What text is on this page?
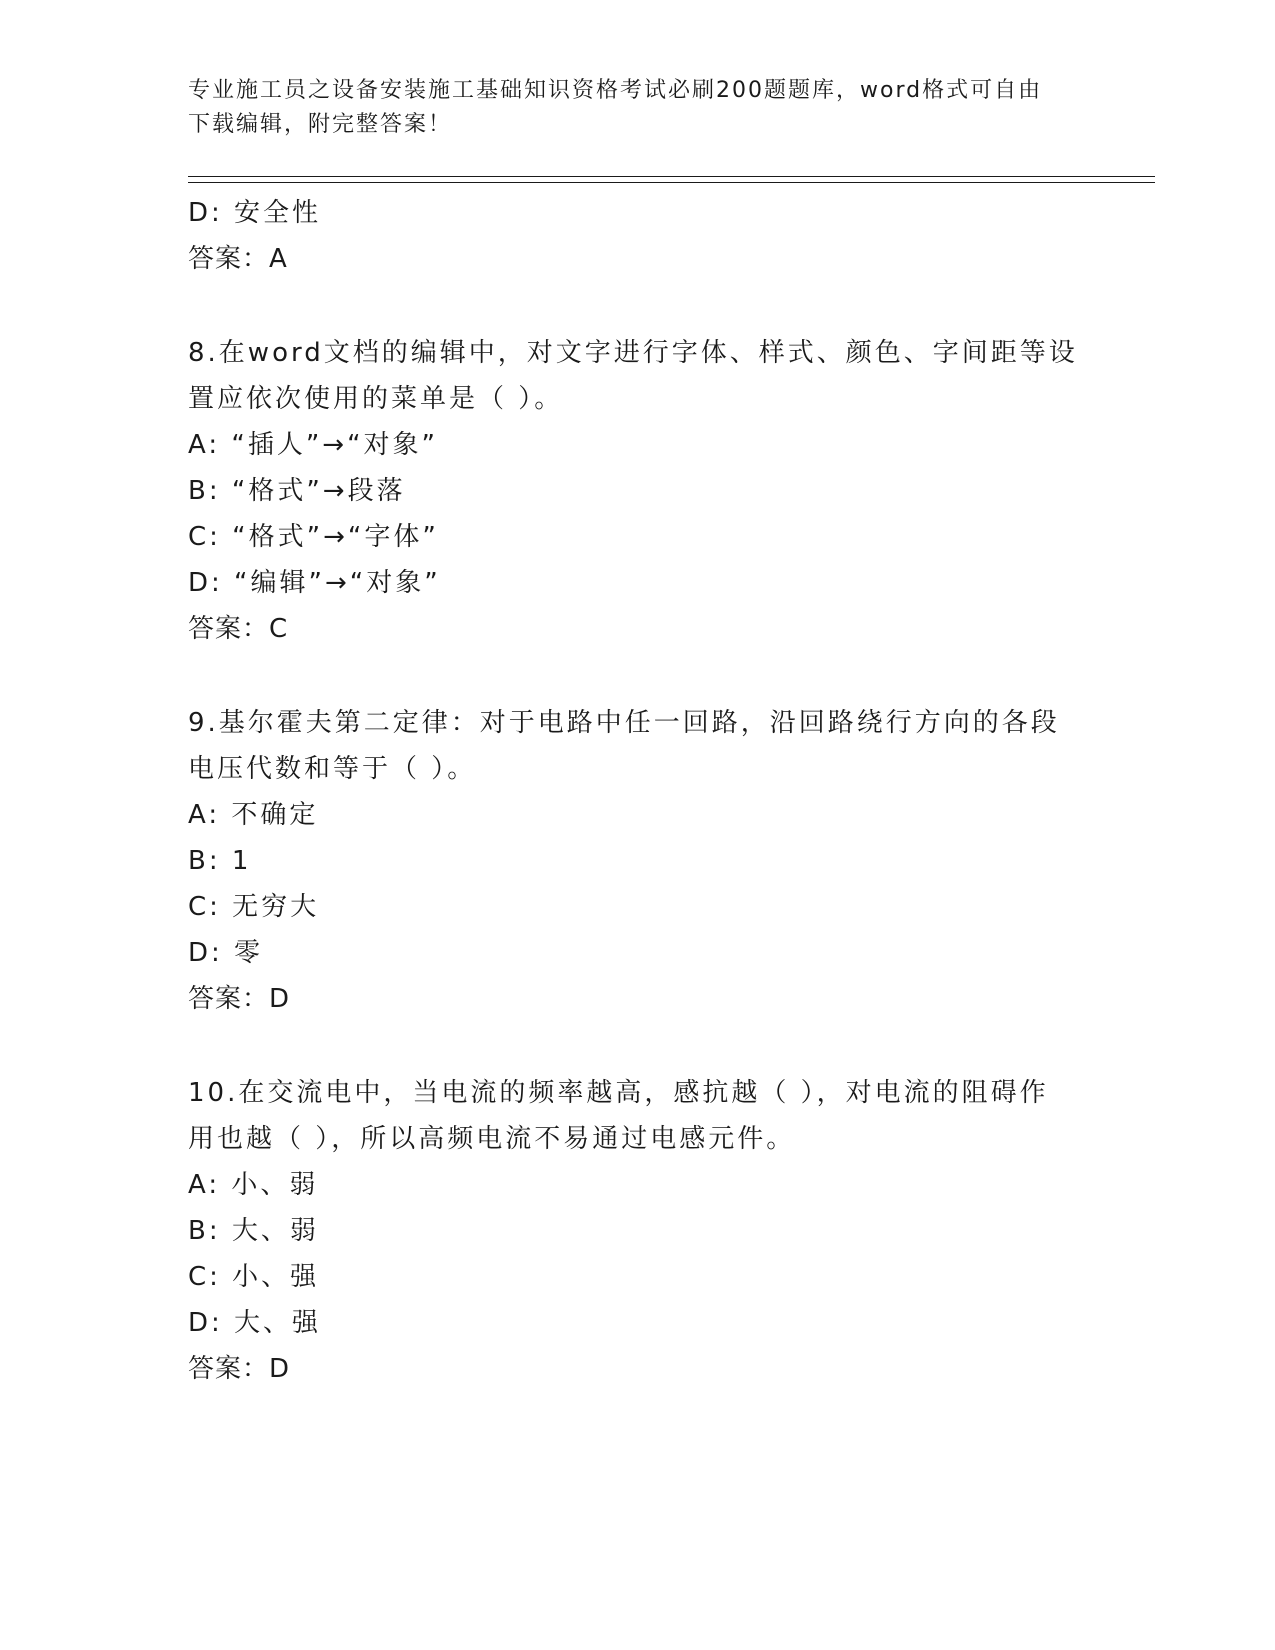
专业施工员之设备安装施工基础知识资格考试必刷200题题库，word格式可自由
下载编辑，附完整答案！
D: 安全性
答案：A
8.在word文档的编辑中，对文字进行字体、样式、颜色、字间距等设
置应依次使用的菜单是（ ）。
A: “插人”→“对象”
B: “格式”→段落
C: “格式”→“字体”
D: “编辑”→“对象”
答案：C
9.基尔霍夫第二定律：对于电路中任一回路，沿回路绕行方向的各段
电压代数和等于（ ）。
A: 不确定
B: 1
C: 无穷大
D: 零
答案：D
10.在交流电中，当电流的频率越高，感抗越（ ），对电流的阻碍作
用也越（ ），所以高频电流不易通过电感元件。
A: 小、弱
B: 大、弱
C: 小、强
D: 大、强
答案：D
